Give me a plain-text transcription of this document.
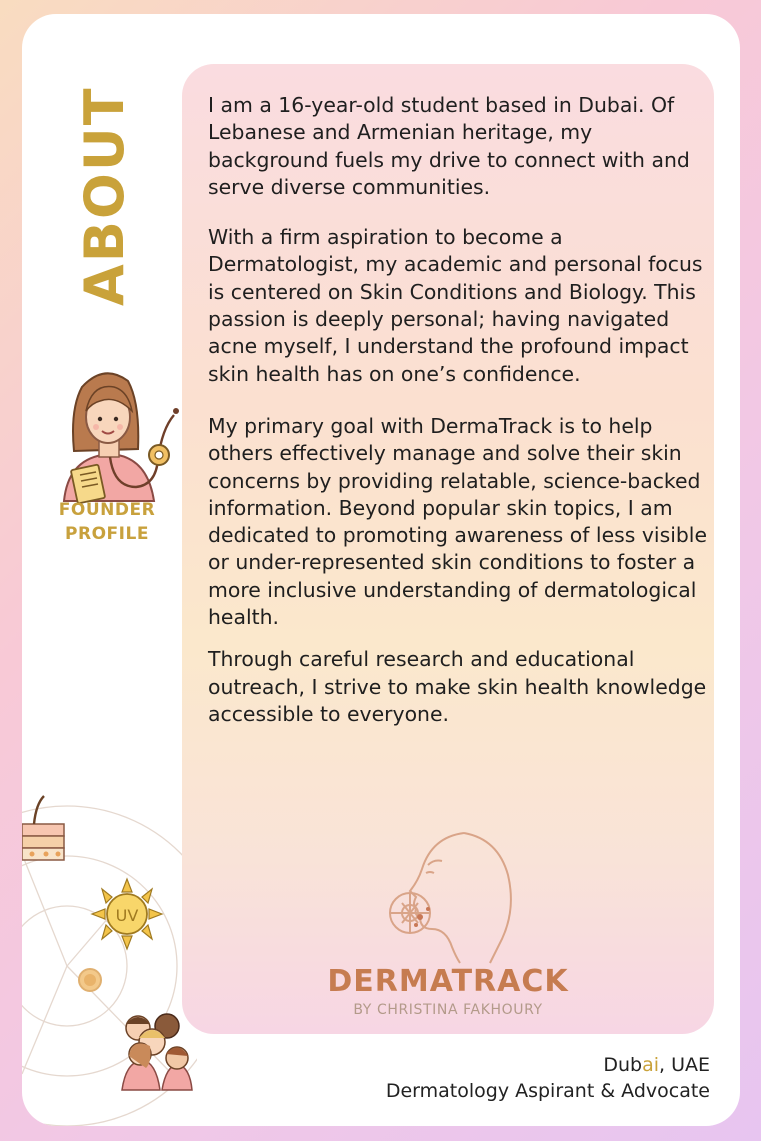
ABOUT
FOUNDER
PROFILE
UV

I am a 16-year-old student based in Dubai. Of Lebanese and Armenian heritage, my background fuels my drive to connect with and serve diverse communities.

With a firm aspiration to become a Dermatologist, my academic and personal focus is centered on Skin Conditions and Biology. This passion is deeply personal; having navigated acne myself, I understand the profound impact skin health has on one’s confidence.

My primary goal with DermaTrack is to help others effectively manage and solve their skin concerns by providing relatable, science-backed information. Beyond popular skin topics, I am dedicated to promoting awareness of less visible or under-represented skin conditions to foster a more inclusive understanding of dermatological health.

Through careful research and educational outreach, I strive to make skin health knowledge accessible to everyone.

DERMATRACK
BY CHRISTINA FAKHOURY
Dubai, UAE
Dermatology Aspirant & Advocate
